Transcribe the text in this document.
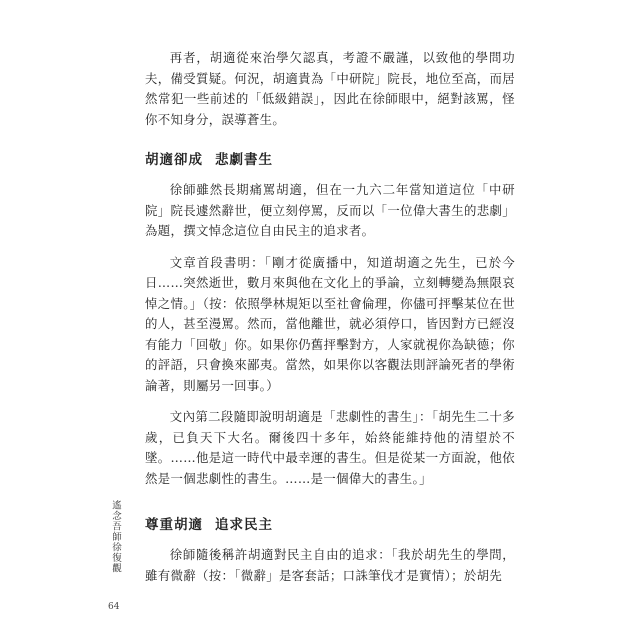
再者，胡適從來治學欠認真，考證不嚴謹，以致他的學問功夫，備受質疑。何況，胡適貴為「中研院」院長，地位至高，而居然常犯一些前述的「低級錯誤」，因此在徐師眼中，絕對該罵，怪你不知身分，誤導蒼生。

胡適卻成 悲劇書生

徐師雖然長期痛罵胡適，但在一九六二年當知道這位「中研院」院長遽然辭世，便立刻停罵，反而以「一位偉大書生的悲劇」為題，撰文悼念這位自由民主的追求者。

文章首段書明：「剛才從廣播中，知道胡適之先生，已於今日……突然逝世，數月來與他在文化上的爭論，立刻轉變為無限哀悼之情。」（按：依照學林規矩以至社會倫理，你儘可抨擊某位在世的人，甚至漫罵。然而，當他離世，就必須停口，皆因對方已經沒有能力「回敬」你。如果你仍舊抨擊對方，人家就視你為缺德；你的評語，只會換來鄙夷。當然，如果你以客觀法則評論死者的學術論著，則屬另一回事。）

文內第二段隨即說明胡適是「悲劇性的書生」：「胡先生二十多歲，已負天下大名。爾後四十多年，始終能維持他的清望於不墜。……他是這一時代中最幸運的書生。但是從某一方面說，他依然是一個悲劇性的書生。……是一個偉大的書生。」

尊重胡適 追求民主

徐師隨後稱許胡適對民主自由的追求：「我於胡先生的學問，雖有微辭（按：「微辭」是客套話；口誅筆伐才是實情）；於胡先

遙念吾師徐復觀
64
